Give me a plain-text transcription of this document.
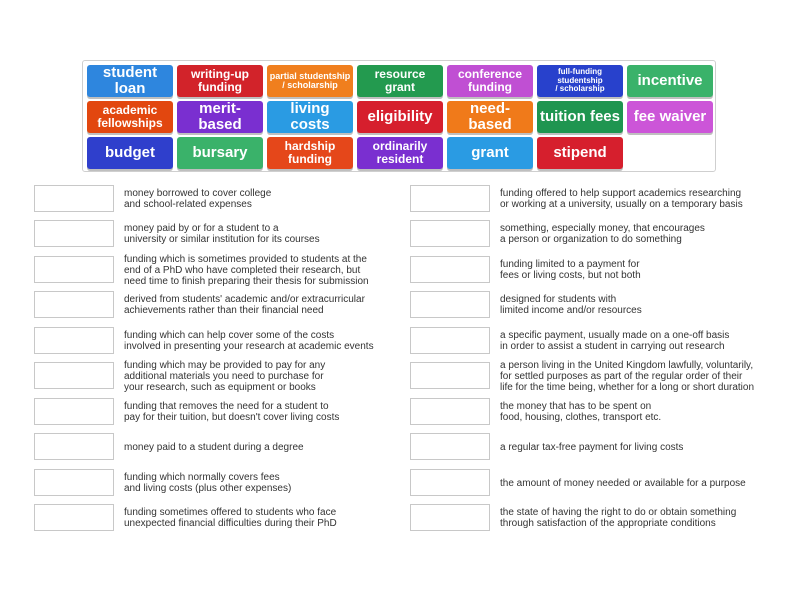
student loan
writing-up
funding
partial studentship
/ scholarship
resource
grant
conference
funding
full-funding
studentship
/ scholarship	incentive
academic
fellowships
merit-based
living costs	eligibility	need-based	tuition fees fee waiver
budget	bursary	hardship
funding
ordinarily
resident	grant	stipend
money borrowed to cover college
and school-related expenses
money paid by or for a student to a
university or similar institution for its courses
funding which is sometimes provided to students at the
end of a PhD who have completed their research, but
need time to finish preparing their thesis for submission
derived from students' academic and/or extracurricular
achievements rather than their financial need
funding which can help cover some of the costs
involved in presenting your research at academic events
funding which may be provided to pay for any
additional materials you need to purchase for
your research, such as equipment or books
funding that removes the need for a student to
pay for their tuition, but doesn't cover living costs
money paid to a student during a degree
funding which normally covers fees
and living costs (plus other expenses)
funding sometimes offered to students who face
unexpected financial difficulties during their PhD
funding offered to help support academics researching
or working at a university, usually on a temporary basis
something, especially money, that encourages
a person or organization to do something
funding limited to a payment for
fees or living costs, but not both
designed for students with
limited income and/or resources
a specific payment, usually made on a one-off basis
in order to assist a student in carrying out research
a person living in the United Kingdom lawfully, voluntarily,
for settled purposes as part of the regular order of their
life for the time being, whether for a long or short duration
the money that has to be spent on
food, housing, clothes, transport etc.
a regular tax-free payment for living costs
the amount of money needed or available for a purpose
the state of having the right to do or obtain something
through satisfaction of the appropriate conditions
